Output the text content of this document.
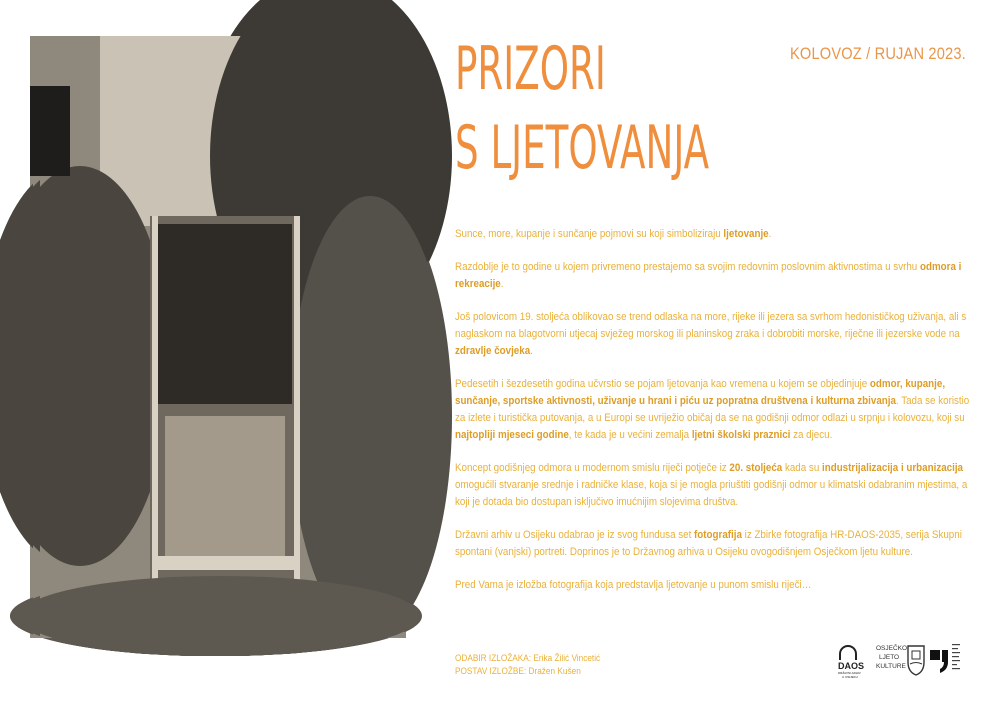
KOLOVOZ / RUJAN 2023.
PRIZORI
S LJETOVANJA

Sunce, more, kupanje i sunčanje pojmovi su koji simboliziraju ljetovanje.

Razdoblje je to godine u kojem privremeno prestajemo sa svojim redovnim poslovnim aktivnostima u svrhu odmora i rekreacije.

Još polovicom 19. stoljeća oblikovao se trend odlaska na more, rijeke ili jezera sa svrhom hedonističkog uživanja, ali s naglaskom na blagotvorni utjecaj svježeg morskog ili planinskog zraka i dobrobiti morske, riječne ili jezerske vode na zdravlje čovjeka.

Pedesetih i šezdesetih godina učvrstio se pojam ljetovanja kao vremena u kojem se objedinjuje odmor, kupanje, sunčanje, sportske aktivnosti, uživanje u hrani i piću uz popratna društvena i kulturna zbivanja. Tada se koristio za izlete i turistička putovanja, a u Europi se uvriježio običaj da se na godišnji odmor odlazi u srpnju i kolovozu, koji su najtopliji mjeseci godine, te kada je u većini zemalja ljetni školski praznici za djecu.

Koncept godišnjeg odmora u modernom smislu riječi potječe iz 20. stoljeća kada su industrijalizacija i urbanizacija omogućili stvaranje srednje i radničke klase, koja si je mogla priuštiti godišnji odmor u klimatski odabranim mjestima, a koji je dotada bio dostupan isključivo imućnijim slojevima društva.

Državni arhiv u Osijeku odabrao je iz svog fundusa set fotografija iz Zbirke fotografija HR-DAOS-2035, serija Skupni spontani (vanjski) portreti. Doprinos je to Državnog arhiva u Osijeku ovogodišnjem Osječkom ljetu kulture.

Pred Vama je izložba fotografija koja predstavlja ljetovanje u punom smislu riječi…

ODABIR IZLOŽAKA: Erika Žilić Vincetić
POSTAV IZLOŽBE: Dražen Kušen	DAOS
DRŽAVNI ARHIV
U OSIJEKU
OSJEČKO
LJETO
KULTURE
